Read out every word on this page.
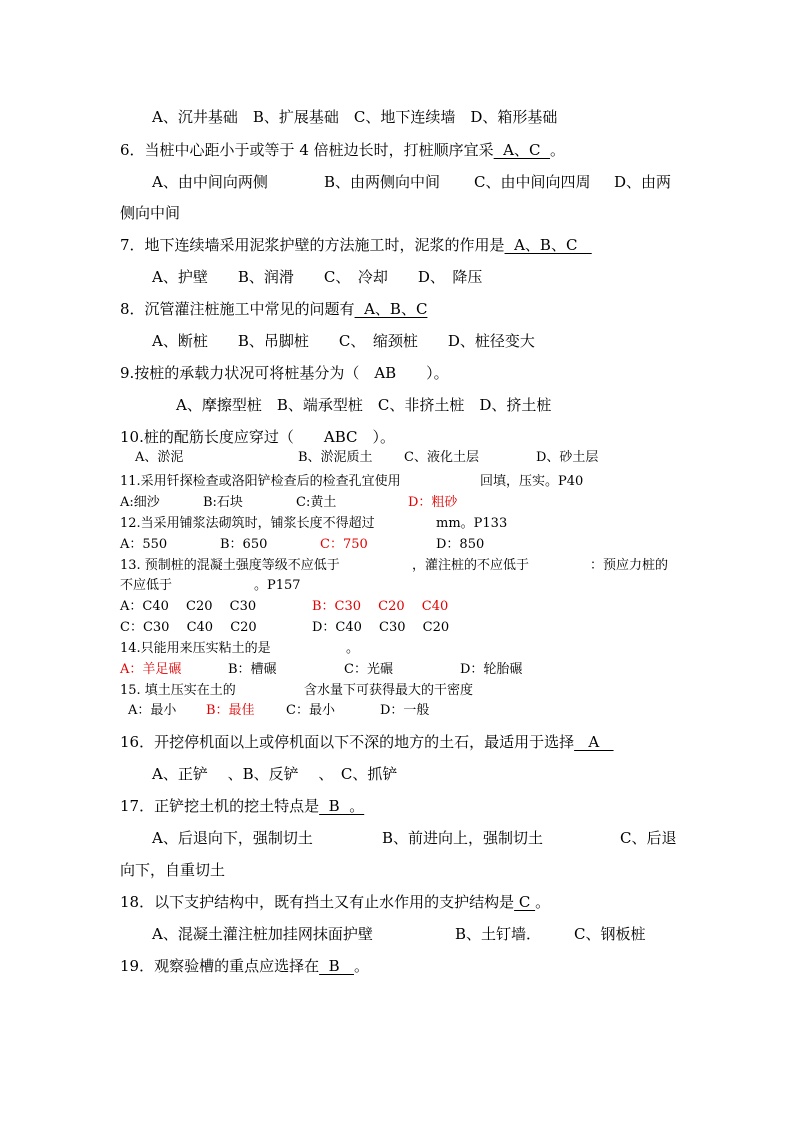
A、沉井基础　B、扩展基础　C、地下连续墙　D、箱形基础
6．当桩中心距小于或等于 4 倍桩边长时，打桩顺序宜采  A、C  。
A、由中间向两侧	B、由两侧向中间 C、由中间向四周 D、由两
侧向中间
7．地下连续墙采用泥浆护壁的方法施工时，泥浆的作用是  A、B、C
A、护壁　　B、润滑　　C、　冷却　　D、　降压
8．沉管灌注桩施工中常见的问题有  A、B、C
A、断桩　　B、吊脚桩　　C、　缩颈桩　　D、桩径变大
9.按桩的承载力状况可将桩基分为（　AB　　）。
A、摩擦型桩　B、端承型桩　C、非挤土桩　D、挤土桩
10.桩的配筋长度应穿过（　　ABC　）。
A、淤泥	B、淤泥质土 C、液化土层	D、砂土层
11.采用钎探检查或洛阳铲检查后的检查孔宜使用	回填，压实。P40
A:细沙	B:石块	C:黄土	D：粗砂
12.当采用铺浆法砌筑时，铺浆长度不得超过	mm。P133
A：550	B：650	C：750	D：850
13. 预制桩的混凝土强度等级不应低于	，灌注桩的不应低于	：预应力桩的
不应低于	。P157
A：C40　 C20　 C30	B：C30　 C20　 C40
C：C30　 C40　 C20	D：C40　 C30　 C20
14.只能用来压实粘土的是	。
A：羊足碾	B：槽碾	C：光碾	D：轮胎碾
15. 填土压实在土的	含水量下可获得最大的干密度
A：最小 B：最佳 C：最小	D：一般
16．开挖停机面以上或停机面以下不深的地方的土石，最适用于选择   A
A、正铲　 、B、反铲　 、　C、抓铲
17．正铲挖土机的挖土特点是  B  。
A、后退向下，强制切土	B、前进向上，强制切土	C、后退
向下，自重切土
18．以下支护结构中，既有挡土又有止水作用的支护结构是 C 。
A、混凝土灌注桩加挂网抹面护壁	B、土钉墙． C、钢板桩
19．观察验槽的重点应选择在  B   。
